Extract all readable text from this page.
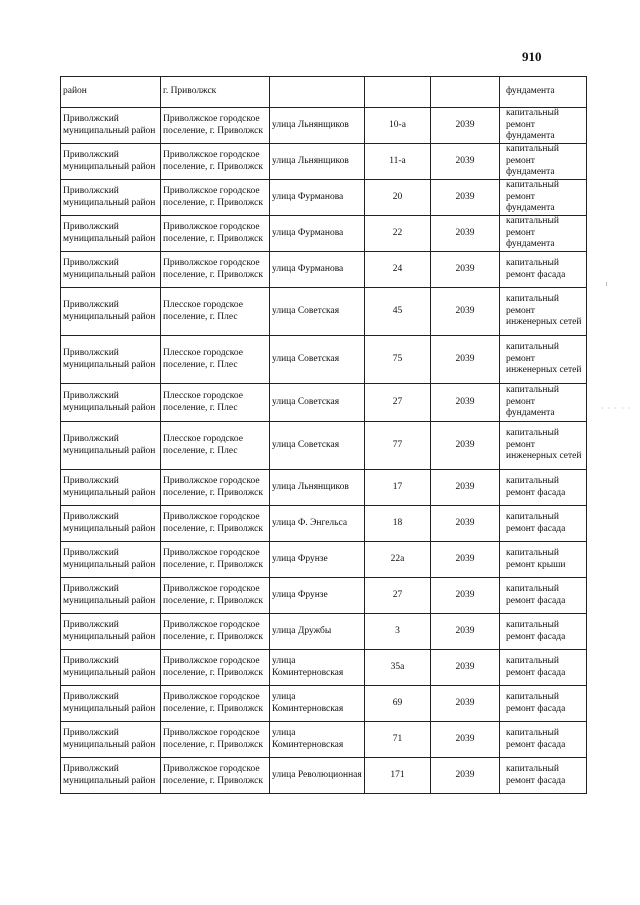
910
район	г. Приволжск				фундамента
Приволжский муниципальный район	Приволжское городское поселение, г. Приволжск	улица Льнянщиков	10-а	2039	капитальный ремонт фундамента
Приволжский муниципальный район	Приволжское городское поселение, г. Приволжск	улица Льнянщиков	11-а	2039	капитальный ремонт фундамента
Приволжский муниципальный район	Приволжское городское поселение, г. Приволжск	улица Фурманова	20	2039	капитальный ремонт фундамента
Приволжский муниципальный район	Приволжское городское поселение, г. Приволжск	улица Фурманова	22	2039	капитальный ремонт фундамента
Приволжский муниципальный район	Приволжское городское поселение, г. Приволжск	улица Фурманова	24	2039	капитальный ремонт фасада
Приволжский муниципальный район	Плесское городское поселение, г. Плес	улица Советская	45	2039	капитальный ремонт инженерных сетей
Приволжский муниципальный район	Плесское городское поселение, г. Плес	улица Советская	75	2039	капитальный ремонт инженерных сетей
Приволжский муниципальный район	Плесское городское поселение, г. Плес	улица Советская	27	2039	капитальный ремонт фундамента
Приволжский муниципальный район	Плесское городское поселение, г. Плес	улица Советская	77	2039	капитальный ремонт инженерных сетей
Приволжский муниципальный район	Приволжское городское поселение, г. Приволжск	улица Льнянщиков	17	2039	капитальный ремонт фасада
Приволжский муниципальный район	Приволжское городское поселение, г. Приволжск	улица Ф. Энгельса	18	2039	капитальный ремонт фасада
Приволжский муниципальный район	Приволжское городское поселение, г. Приволжск	улица Фрунзе	22а	2039	капитальный ремонт крыши
Приволжский муниципальный район	Приволжское городское поселение, г. Приволжск	улица Фрунзе	27	2039	капитальный ремонт фасада
Приволжский муниципальный район	Приволжское городское поселение, г. Приволжск	улица Дружбы	3	2039	капитальный ремонт фасада
Приволжский муниципальный район	Приволжское городское поселение, г. Приволжск	улица Коминтерновская	35а	2039	капитальный ремонт фасада
Приволжский муниципальный район	Приволжское городское поселение, г. Приволжск	улица Коминтерновская	69	2039	капитальный ремонт фасада
Приволжский муниципальный район	Приволжское городское поселение, г. Приволжск	улица Коминтерновская	71	2039	капитальный ремонт фасада
Приволжский муниципальный район	Приволжское городское поселение, г. Приволжск	улица Революционная	171	2039	капитальный ремонт фасада
· · · · ·
